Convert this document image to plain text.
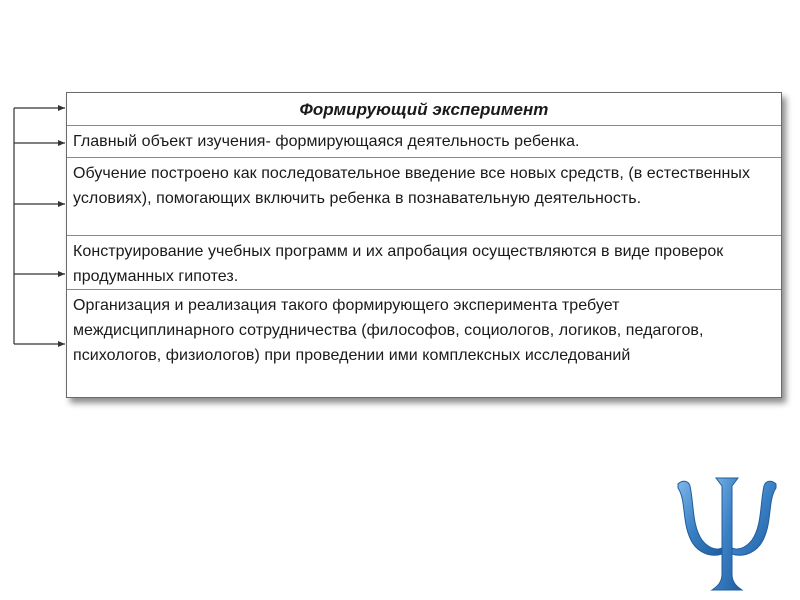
Формирующий эксперимент
Главный объект изучения- формирующаяся деятельность ребенка.
Обучение построено как последовательное введение все новых средств, (в естественных условиях), помогающих включить ребенка в познавательную деятельность.
Конструирование учебных программ и их апробация осуществляются в виде проверок продуманных гипотез.
Организация и реализация такого формирующего эксперимента требует междисциплинарного сотрудничества (философов, социологов, логиков, педагогов, психологов, физиологов) при проведении ими комплексных исследований
